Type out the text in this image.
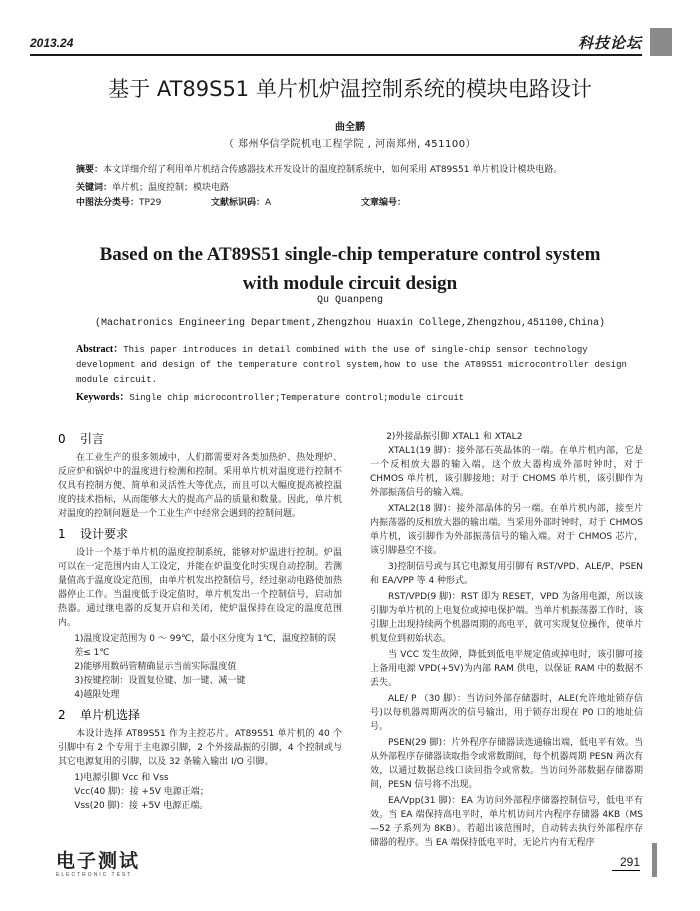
2013.24	科技论坛
基于 AT89S51 单片机炉温控制系统的模块电路设计
曲全鹏
（ 郑州华信学院机电工程学院 , 河南郑州, 451100）
摘要：本文详细介绍了利用单片机结合传感器技术开发设计的温度控制系统中，如何采用 AT89S51 单片机设计模块电路。
关键词：单片机；温度控制；模块电路
中图法分类号：TP29	文献标识码：A	文章编号：
Based on the AT89S51 single-chip temperature control system
with module circuit design
Qu Quanpeng
(Machatronics Engineering Department,Zhengzhou Huaxin College,Zhengzhou,451100,China)
Abstract：This paper introduces in detail combined with the use of single-chip sensor technology development and design of the temperature control system,how to use the AT89S51 microcontroller design module circuit.
Keywords：Single chip microcontroller;Temperature control;module circuit
0 引言
在工业生产的很多领域中，人们都需要对各类加热炉、热处理炉、反应炉和锅炉中的温度进行检测和控制。采用单片机对温度进行控制不仅具有控制方便、简单和灵活性大等优点，而且可以大幅度提高被控温度的技术指标，从而能够大大的提高产品的质量和数量。因此，单片机对温度的控制问题是一个工业生产中经常会遇到的控制问题。
1 设计要求
设计一个基于单片机的温度控制系统，能够对炉温进行控制。炉温可以在一定范围内由人工设定，并能在炉温变化时实现自动控制。若测量值高于温度设定范围，由单片机发出控制信号，经过驱动电路使加热器停止工作。当温度低于设定值时，单片机发出一个控制信号，启动加热器。通过继电器的反复开启和关闭，使炉温保持在设定的温度范围内。
1)温度设定范围为 0 ～ 99℃，最小区分度为 1℃，温度控制的误差≤ 1℃
2)能够用数码管精确显示当前实际温度值
3)按键控制：设置复位键、加一键、减一键
4)越限处理
2 单片机选择
本设计选择 AT89S51 作为主控芯片。AT89S51 单片机的 40 个引脚中有 2 个专用于主电源引脚，2 个外接晶振的引脚，4 个控制或与其它电源复用的引脚，以及 32 条输入输出 I/O 引脚。
1)电源引脚 Vcc 和 Vss
Vcc(40 脚)：接 +5V 电源正端；
Vss(20 脚)：接 +5V 电源正端。
2)外接晶振引脚 XTAL1 和 XTAL2
XTAL1(19 脚)：接外部石英晶体的一端。在单片机内部，它是一个反相放大器的输入端，这个放大器构成外部时钟时，对于 CHMOS 单片机，该引脚接地；对于 CHOMS 单片机，该引脚作为外部振荡信号的输入端。
XTAL2(18 脚)：接外部晶体的另一端。在单片机内部，接至片内振荡器的反相放大器的输出端。当采用外部时钟时，对于 CHMOS 单片机，该引脚作为外部振荡信号的输入端。对于 CHMOS 芯片，该引脚悬空不接。
3)控制信号或与其它电源复用引脚有 RST/VPD、ALE/P、PSEN 和 EA/VPP 等 4 种形式。
RST/VPD(9 脚)：RST 即为 RESET，VPD 为备用电源，所以该引脚为单片机的上电复位或掉电保护端。当单片机振荡器工作时，该引脚上出现持续两个机器周期的高电平，就可实现复位操作，使单片机复位到初始状态。
当 VCC 发生故障，降低到低电平规定值或掉电时，该引脚可接上备用电源 VPD(+5V)为内部 RAM 供电，以保证 RAM 中的数据不丢失。
ALE/ P （30 脚）：当访问外部存储器时，ALE(允许地址锁存信号)以每机器周期两次的信号输出，用于锁存出现在 P0 口的地址信号。
PSEN(29 脚)：片外程序存储器读选通输出端，低电平有效。当从外部程序存储器读取指令或常数期间，每个机器周期 PESN 两次有效，以通过数据总线口读回指令或常数。当访问外部数据存储器期间，PESN 信号将不出现。
EA/Vpp(31 脚)：EA 为访问外部程序储器控制信号，低电平有效。当 EA 端保持高电平时，单片机访问片内程序存储器 4KB（MS—52 子系列为 8KB）。若超出该范围时，自动转去执行外部程序存储器的程序。当 EA 端保持低电平时，无论片内有无程序
电子测试
ELECTRONIC TEST
291
